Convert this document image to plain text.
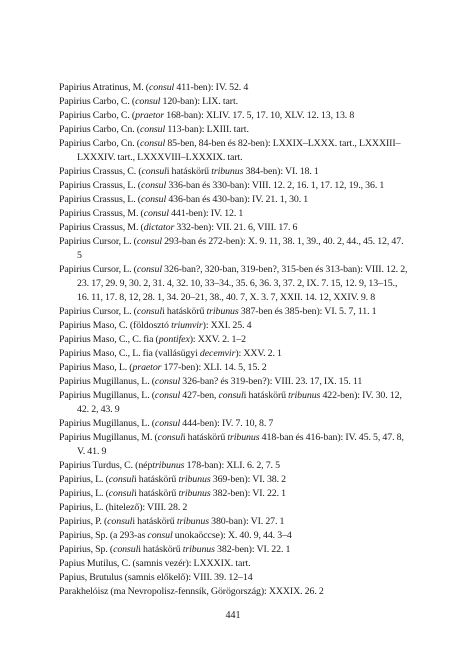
Papirius Atratinus, M. (consul 411-ben): IV. 52. 4

Papirius Carbo, C. (consul 120-ban): LIX. tart.

Papirius Carbo, C. (praetor 168-ban): XLIV. 17. 5, 17. 10, XLV. 12. 13, 13. 8

Papirius Carbo, Cn. (consul 113-ban): LXIII. tart.

Papirius Carbo, Cn. (consul 85-ben, 84-ben és 82-ben): LXXIX–LXXX. tart., LXXXIII–LXXXIV. tart., LXXXVIII–LXXXIX. tart.

Papirius Crassus, C. (consuli hatáskörű tribunus 384-ben): VI. 18. 1

Papirius Crassus, L. (consul 336-ban és 330-ban): VIII. 12. 2, 16. 1, 17. 12, 19., 36. 1

Papirius Crassus, L. (consul 436-ban és 430-ban): IV. 21. 1, 30. 1

Papirius Crassus, M. (consul 441-ben): IV. 12. 1

Papirius Crassus, M. (dictator 332-ben): VII. 21. 6, VIII. 17. 6

Papirius Cursor, L. (consul 293-ban és 272-ben): X. 9. 11, 38. 1, 39., 40. 2, 44., 45. 12, 47. 5

Papirius Cursor, L. (consul 326-ban?, 320-ban, 319-ben?, 315-ben és 313-ban): VIII. 12. 2, 23. 17, 29. 9, 30. 2, 31. 4, 32. 10, 33–34., 35. 6, 36. 3, 37. 2, IX. 7. 15, 12. 9, 13–15., 16. 11, 17. 8, 12, 28. 1, 34. 20–21, 38., 40. 7, X. 3. 7, XXII. 14. 12, XXIV. 9. 8

Papirius Cursor, L. (consuli hatáskörű tribunus 387-ben és 385-ben): VI. 5. 7, 11. 1

Papirius Maso, C. (földosztó triumvir): XXI. 25. 4

Papirius Maso, C., C. fia (pontifex): XXV. 2. 1–2

Papirius Maso, C., L. fia (vallásügyi decemvir): XXV. 2. 1

Papirius Maso, L. (praetor 177-ben): XLI. 14. 5, 15. 2

Papirius Mugillanus, L. (consul 326-ban? és 319-ben?): VIII. 23. 17, IX. 15. 11

Papirius Mugillanus, L. (consul 427-ben, consuli hatáskörű tribunus 422-ben): IV. 30. 12, 42. 2, 43. 9

Papirius Mugillanus, L. (consul 444-ben): IV. 7. 10, 8. 7

Papirius Mugillanus, M. (consuli hatáskörű tribunus 418-ban és 416-ban): IV. 45. 5, 47. 8, V. 41. 9

Papirius Turdus, C. (néptribunus 178-ban): XLI. 6. 2, 7. 5

Papirius, L. (consuli hatáskörű tribunus 369-ben): VI. 38. 2

Papirius, L. (consuli hatáskörű tribunus 382-ben): VI. 22. 1

Papirius, L. (hitelező): VIII. 28. 2

Papirius, P. (consuli hatáskörű tribunus 380-ban): VI. 27. 1

Papirius, Sp. (a 293-as consul unokaöccse): X. 40. 9, 44. 3–4

Papirius, Sp. (consuli hatáskörű tribunus 382-ben): VI. 22. 1

Papius Mutilus, C. (samnis vezér): LXXXIX. tart.

Papius, Brutulus (samnis előkelő): VIII. 39. 12–14

Parakhelóisz (ma Nevropolisz-fennsík, Görögország): XXXIX. 26. 2

441
